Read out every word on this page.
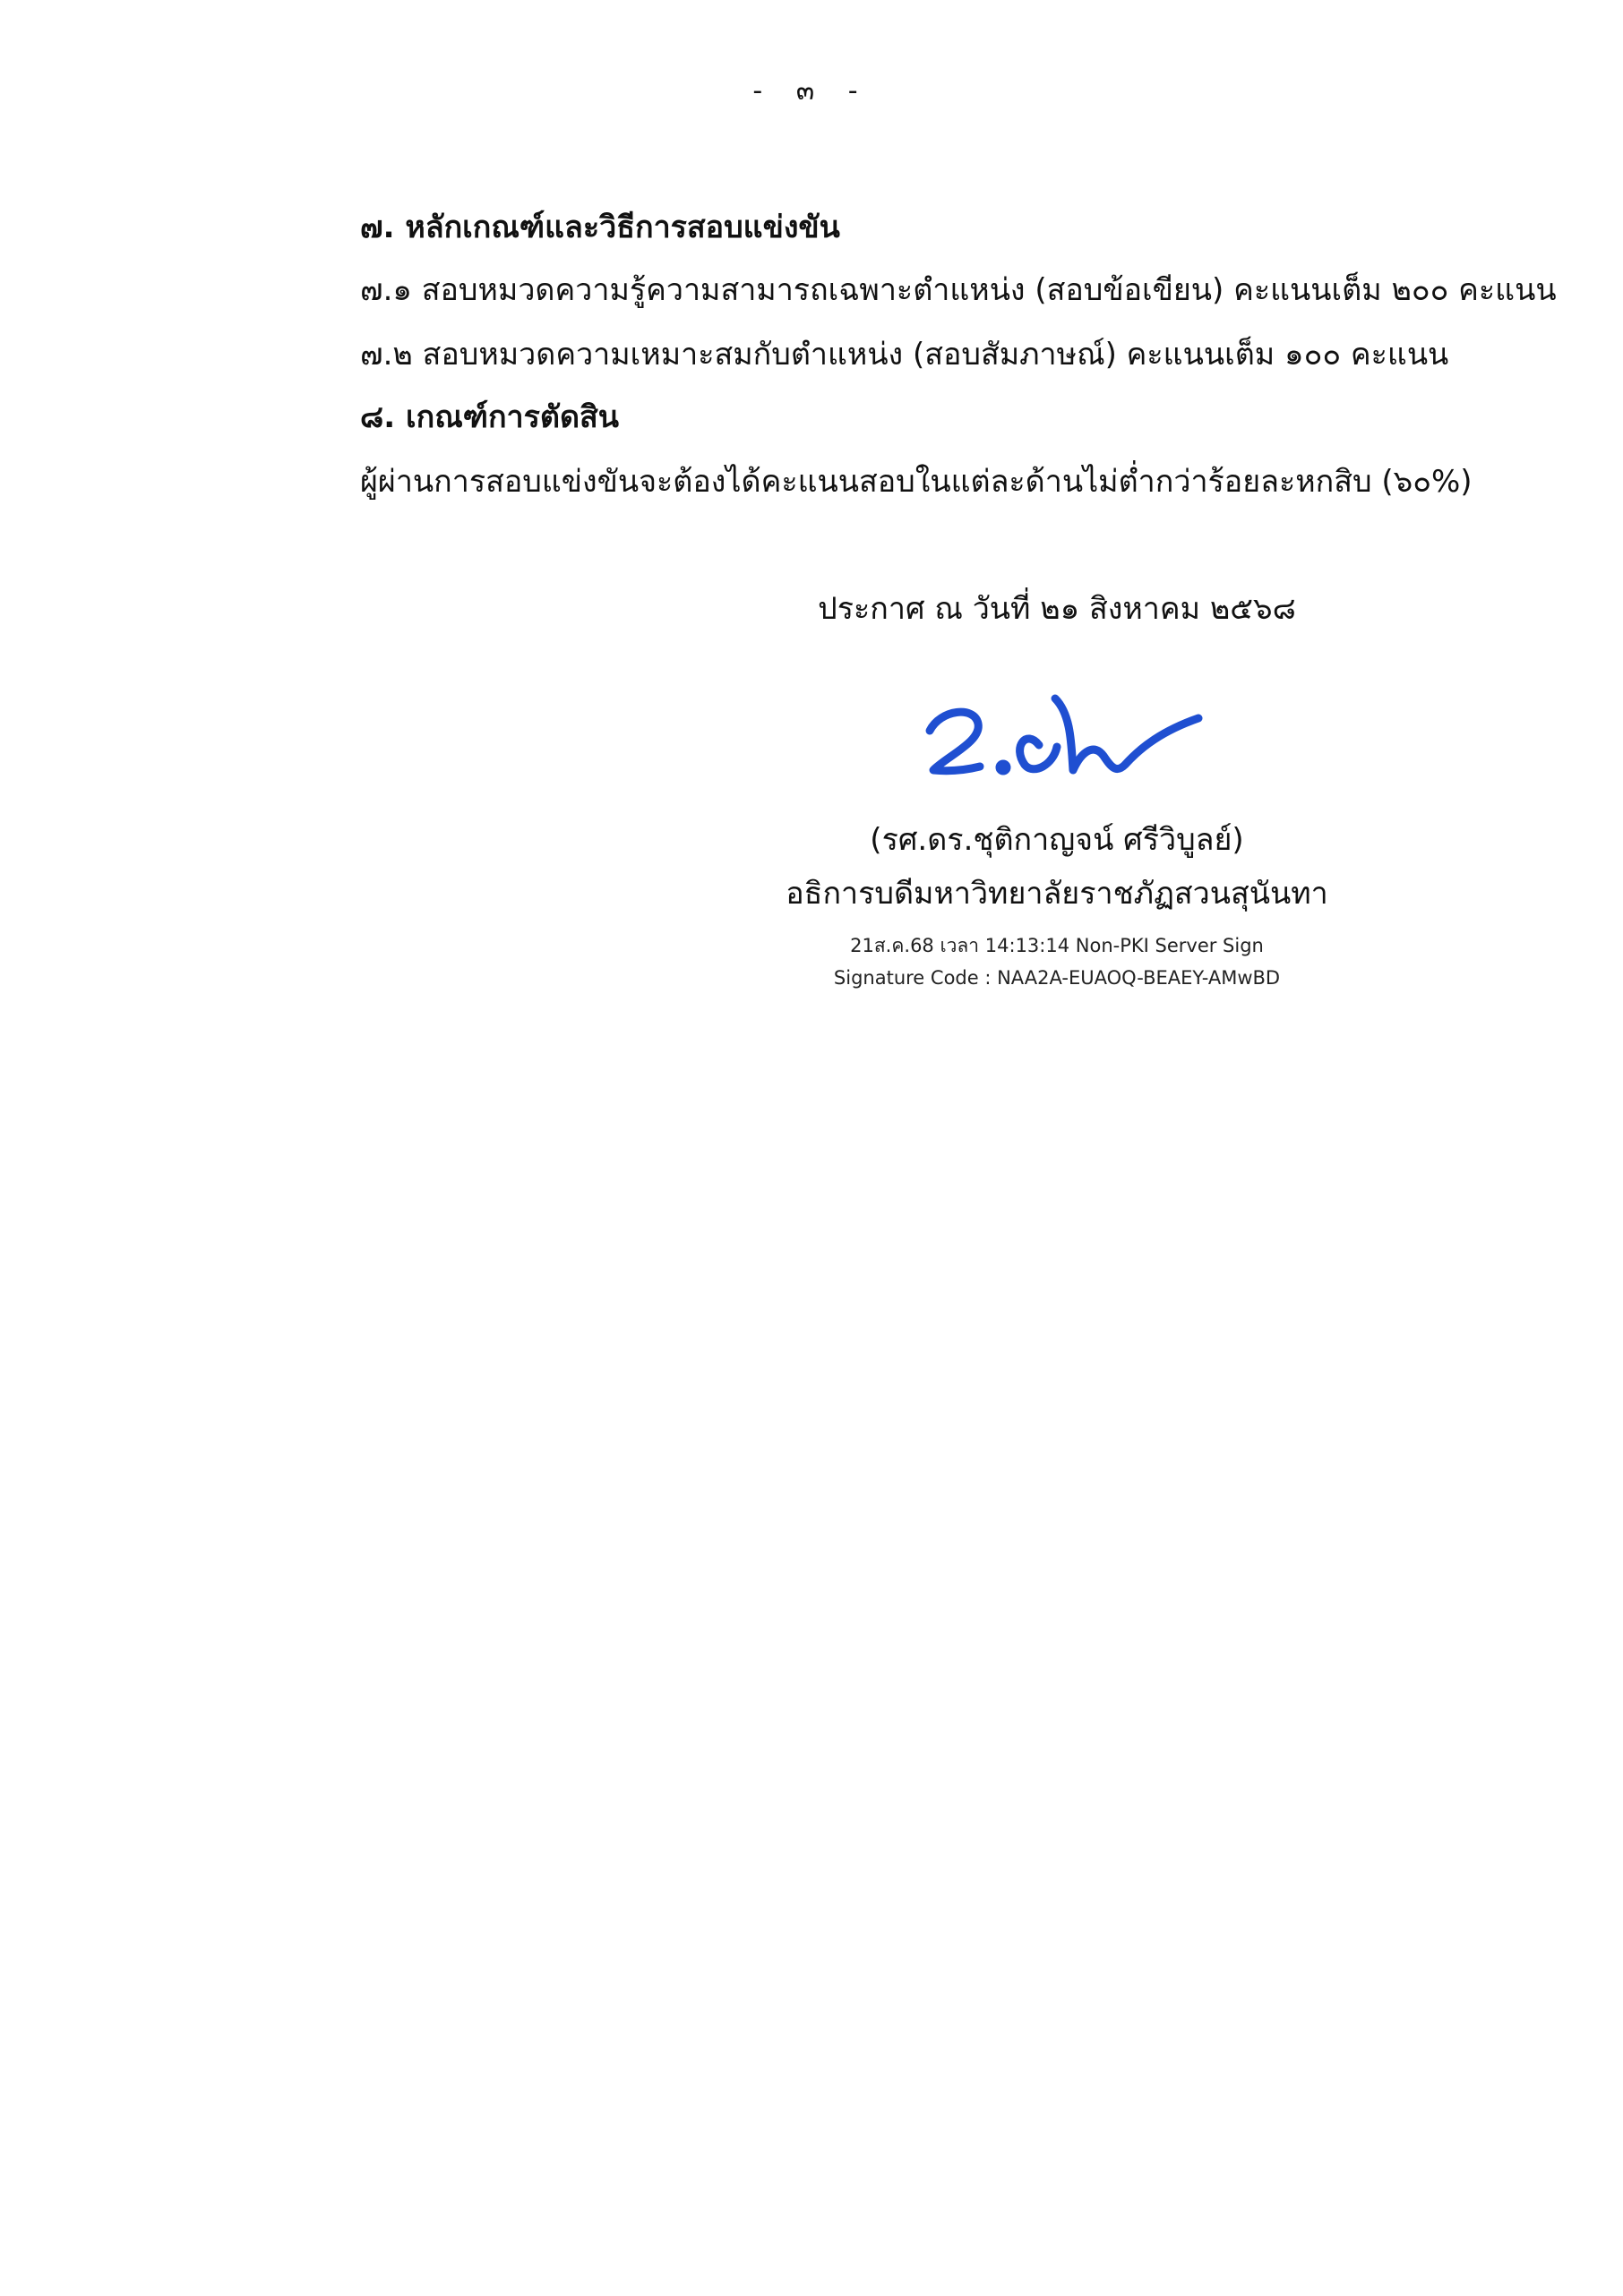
- ๓ -
๗. หลักเกณฑ์และวิธีการสอบแข่งขัน
๗.๑ สอบหมวดความรู้ความสามารถเฉพาะตำแหน่ง (สอบข้อเขียน) คะแนนเต็ม ๒๐๐ คะแนน
๗.๒ สอบหมวดความเหมาะสมกับตำแหน่ง (สอบสัมภาษณ์) คะแนนเต็ม ๑๐๐ คะแนน
๘. เกณฑ์การตัดสิน
ผู้ผ่านการสอบแข่งขันจะต้องได้คะแนนสอบในแต่ละด้านไม่ต่ำกว่าร้อยละหกสิบ (๖๐%)
ประกาศ ณ วันที่ ๒๑ สิงหาคม ๒๕๖๘
(รศ.ดร.ชุติกาญจน์ ศรีวิบูลย์)
อธิการบดีมหาวิทยาลัยราชภัฏสวนสุนันทา
21ส.ค.68 เวลา 14:13:14 Non-PKI Server Sign
Signature Code : NAA2A-EUAOQ-BEAEY-AMwBD
